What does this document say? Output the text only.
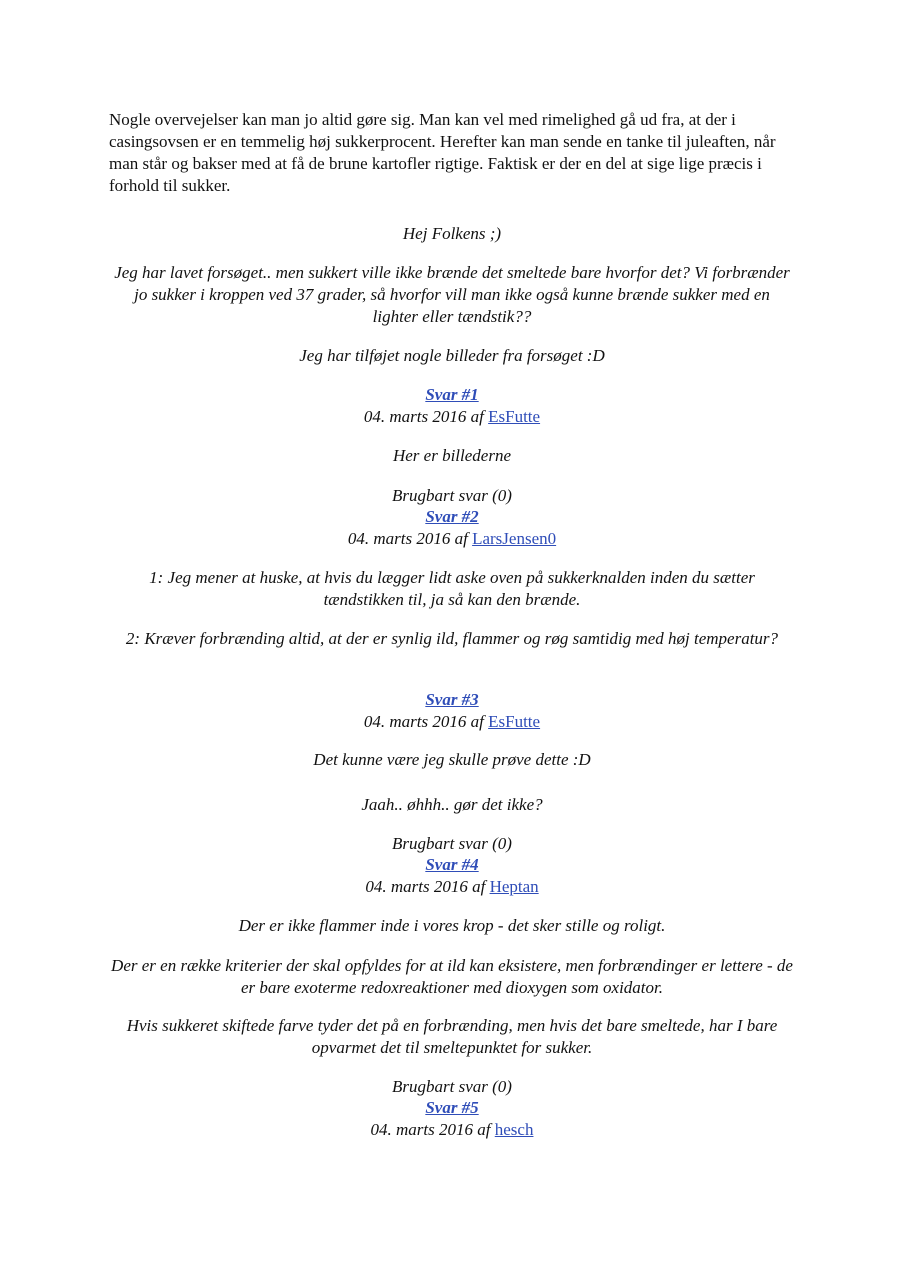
Nogle overvejelser kan man jo altid gøre sig. Man kan vel med rimelighed gå ud fra, at der i casingsovsen er en temmelig høj sukkerprocent. Herefter kan man sende en tanke til juleaften, når man står og bakser med at få de brune kartofler rigtige. Faktisk er der en del at sige lige præcis i forhold til sukker.
Hej Folkens ;)
Jeg har lavet forsøget.. men sukkert ville ikke brænde det smeltede bare hvorfor det? Vi forbrænder jo sukker i kroppen ved 37 grader, så hvorfor vill man ikke også kunne brænde sukker med en lighter eller tændstik??
Jeg har tilføjet nogle billeder fra forsøget :D
Svar #1
04. marts 2016 af EsFutte
Her er billederne
Brugbart svar (0)
Svar #2
04. marts 2016 af LarsJensen0
1: Jeg mener at huske, at hvis du lægger lidt aske oven på sukkerknalden inden du sætter tændstikken til, ja så kan den brænde.
2: Kræver forbrænding altid, at der er synlig ild, flammer og røg samtidig med høj temperatur?
Svar #3
04. marts 2016 af EsFutte
Det kunne være jeg skulle prøve dette :D
Jaah.. øhhh.. gør det ikke?
Brugbart svar (0)
Svar #4
04. marts 2016 af Heptan
Der er ikke flammer inde i vores krop - det sker stille og roligt.
Der er en række kriterier der skal opfyldes for at ild kan eksistere, men forbrændinger er lettere - de er bare exoterme redoxreaktioner med dioxygen som oxidator.
Hvis sukkeret skiftede farve tyder det på en forbrænding, men hvis det bare smeltede, har I bare opvarmet det til smeltepunktet for sukker.
Brugbart svar (0)
Svar #5
04. marts 2016 af hesch
